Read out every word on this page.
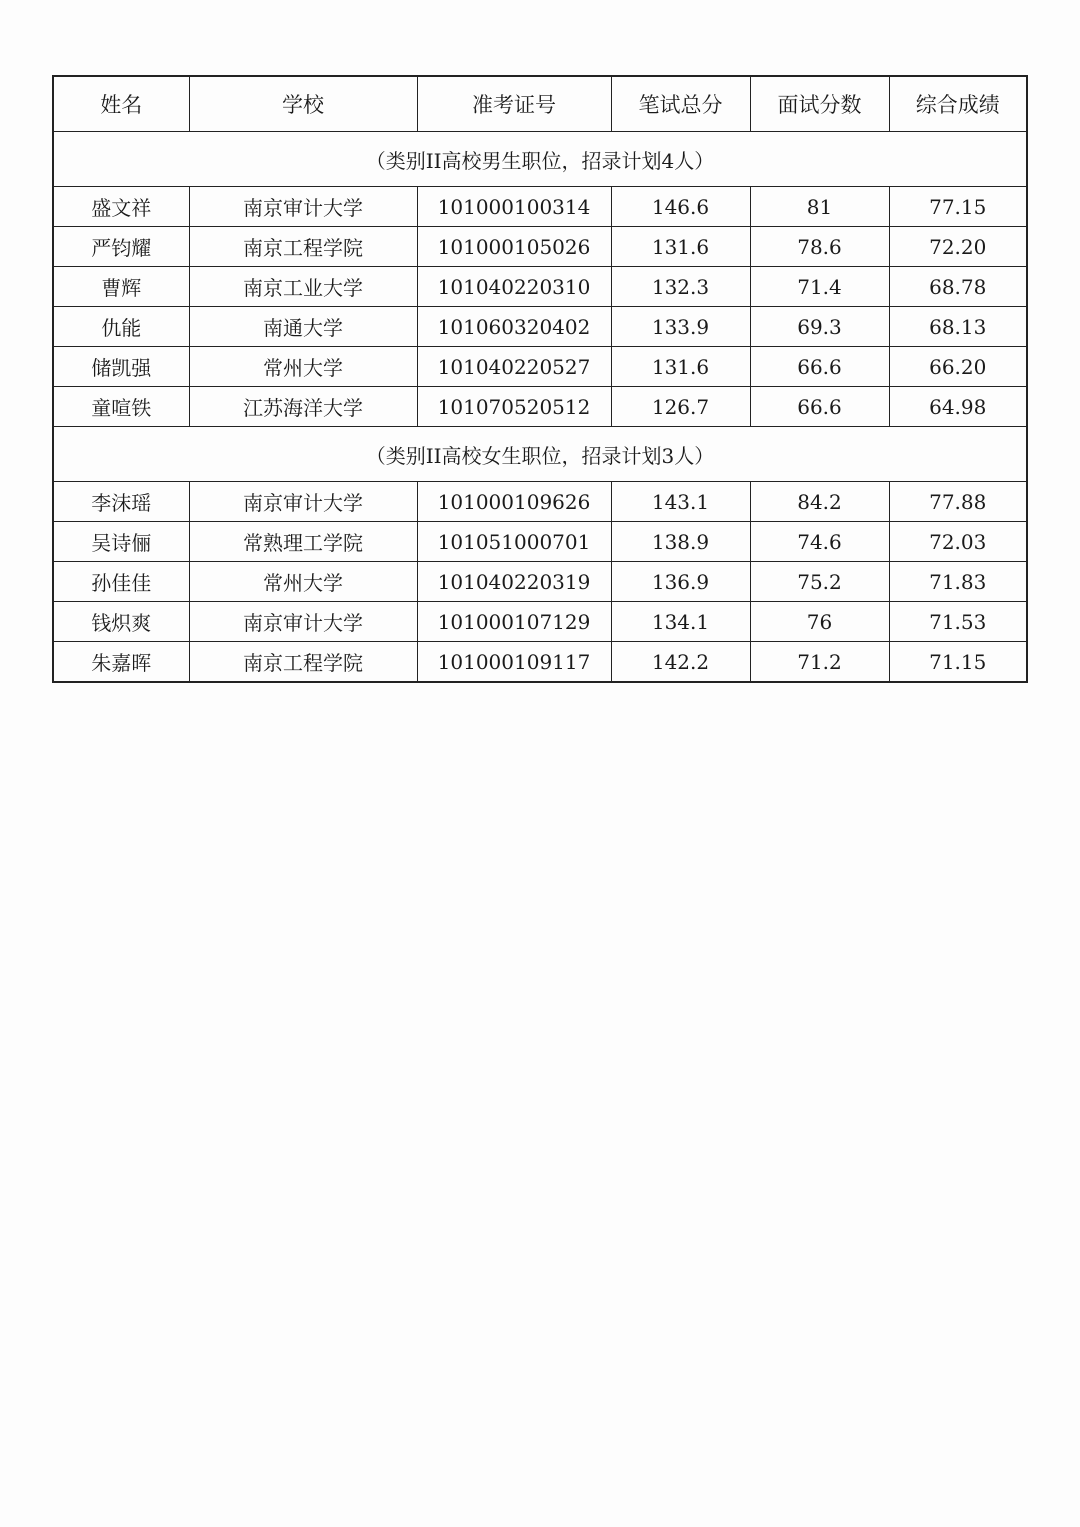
姓名	学校	准考证号	笔试总分	面试分数	综合成绩
（类别II高校男生职位，招录计划4人）					
盛文祥	南京审计大学	101000100314	146.6	81	77.15
严钧耀	南京工程学院	101000105026	131.6	78.6	72.20
曹辉	南京工业大学	101040220310	132.3	71.4	68.78
仇能	南通大学	101060320402	133.9	69.3	68.13
储凯强	常州大学	101040220527	131.6	66.6	66.20
童喧铁	江苏海洋大学	101070520512	126.7	66.6	64.98
（类别II高校女生职位，招录计划3人）					
李沫瑶	南京审计大学	101000109626	143.1	84.2	77.88
吴诗俪	常熟理工学院	101051000701	138.9	74.6	72.03
孙佳佳	常州大学	101040220319	136.9	75.2	71.83
钱炽爽	南京审计大学	101000107129	134.1	76	71.53
朱嘉晖	南京工程学院	101000109117	142.2	71.2	71.15
